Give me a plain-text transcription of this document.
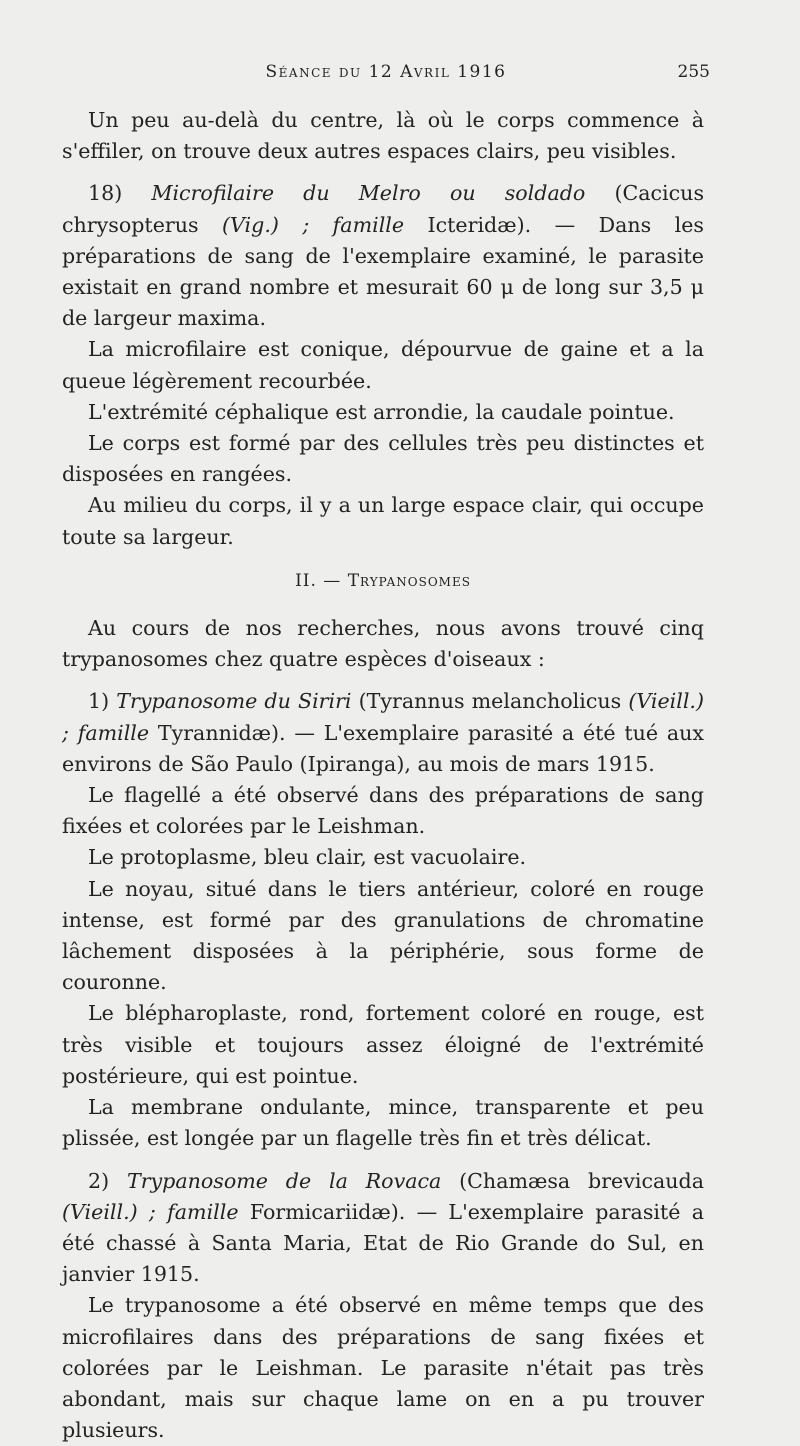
Séance du 12 Avril 1916	255

Un peu au-delà du centre, là où le corps commence à s'effiler, on trouve deux autres espaces clairs, peu visibles.

18) Microfilaire du Melro ou soldado (Cacicus chrysopterus (Vig.) ; famille Icteridæ). — Dans les préparations de sang de l'exemplaire examiné, le parasite existait en grand nombre et mesurait 60 μ de long sur 3,5 μ de largeur maxima.

La microfilaire est conique, dépourvue de gaine et a la queue légèrement recourbée.

L'extrémité céphalique est arrondie, la caudale pointue.

Le corps est formé par des cellules très peu distinctes et disposées en rangées.

Au milieu du corps, il y a un large espace clair, qui occupe toute sa largeur.

II. — Trypanosomes

Au cours de nos recherches, nous avons trouvé cinq trypanosomes chez quatre espèces d'oiseaux :

1) Trypanosome du Siriri (Tyrannus melancholicus (Vieill.) ; famille Tyrannidæ). — L'exemplaire parasité a été tué aux environs de São Paulo (Ipiranga), au mois de mars 1915.

Le flagellé a été observé dans des préparations de sang fixées et colorées par le Leishman.

Le protoplasme, bleu clair, est vacuolaire.

Le noyau, situé dans le tiers antérieur, coloré en rouge intense, est formé par des granulations de chromatine lâchement disposées à la périphérie, sous forme de couronne.

Le blépharoplaste, rond, fortement coloré en rouge, est très visible et toujours assez éloigné de l'extrémité postérieure, qui est pointue.

La membrane ondulante, mince, transparente et peu plissée, est longée par un flagelle très fin et très délicat.

2) Trypanosome de la Rovaca (Chamæsa brevicauda (Vieill.) ; famille Formicariidæ). — L'exemplaire parasité a été chassé à Santa Maria, Etat de Rio Grande do Sul, en janvier 1915.

Le trypanosome a été observé en même temps que des microfilaires dans des préparations de sang fixées et colorées par le Leishman. Le parasite n'était pas très abondant, mais sur chaque lame on en a pu trouver plusieurs.
